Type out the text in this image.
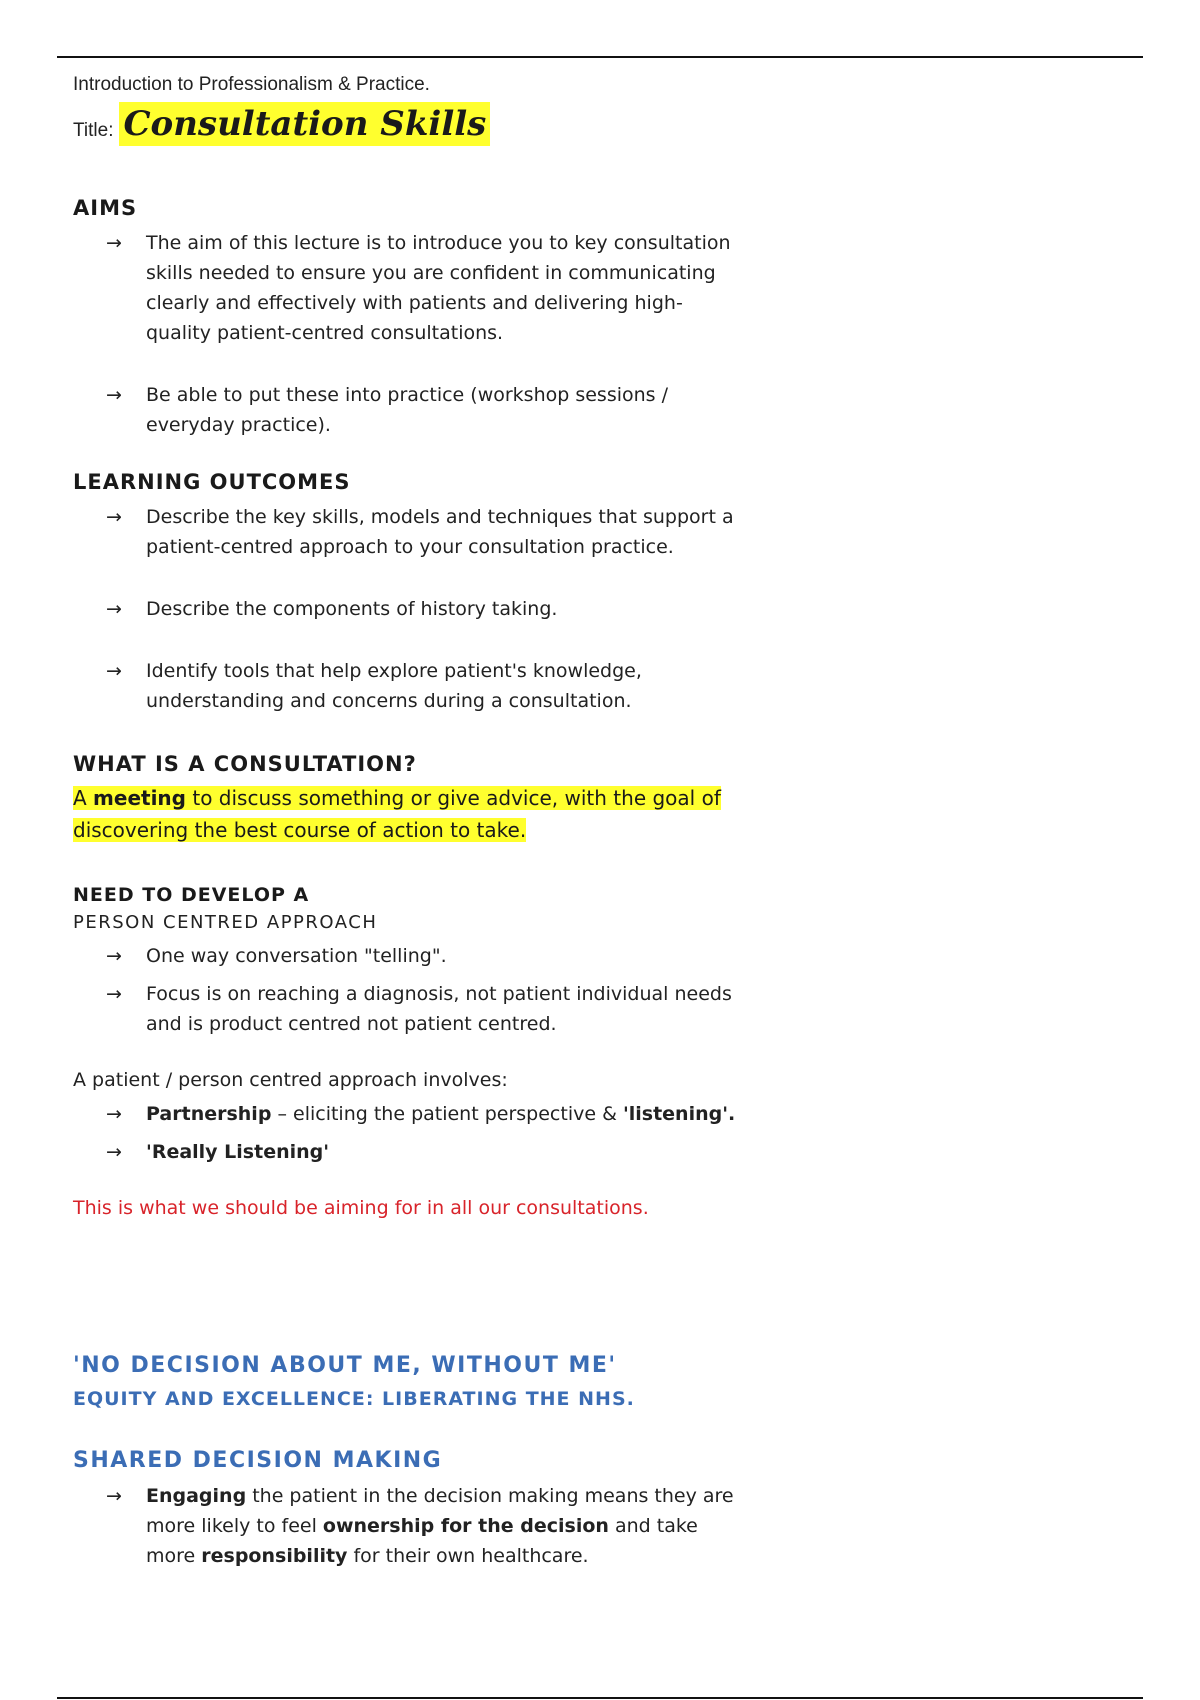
Introduction to Professionalism & Practice.

Title: Consultation Skills
AIMS
→ The aim of this lecture is to introduce you to key consultation skills needed to ensure you are confident in communicating clearly and effectively with patients and delivering high-quality patient-centred consultations.
→ Be able to put these into practice (workshop sessions / everyday practice).
LEARNING OUTCOMES
→ Describe the key skills, models and techniques that support a patient-centred approach to your consultation practice.
→ Describe the components of history taking.
→ Identify tools that help explore patient's knowledge, understanding and concerns during a consultation.
WHAT IS A CONSULTATION?
A meeting to discuss something or give advice, with the goal of discovering the best course of action to take.
NEED TO DEVELOP A
PERSON CENTRED APPROACH
→ One way conversation "telling".
→ Focus is on reaching a diagnosis, not patient individual needs and is product centred not patient centred.
A patient / person centred approach involves:
→ Partnership – eliciting the patient perspective & 'listening'.
→ 'Really Listening'
This is what we should be aiming for in all our consultations.
'NO DECISION ABOUT ME, WITHOUT ME'
EQUITY AND EXCELLENCE: LIBERATING THE NHS.
SHARED DECISION MAKING
→ Engaging the patient in the decision making means they are more likely to feel ownership for the decision and take more responsibility for their own healthcare.
